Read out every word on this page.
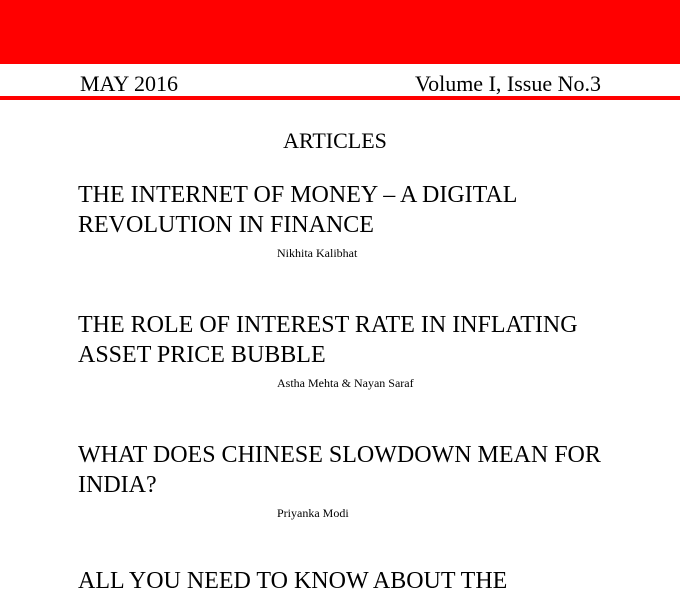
MAY 2016	Volume I, Issue No.3
ARTICLES
THE INTERNET OF MONEY – A DIGITAL REVOLUTION IN FINANCE
Nikhita Kalibhat
THE ROLE OF INTEREST RATE IN INFLATING ASSET PRICE BUBBLE
Astha Mehta & Nayan Saraf
WHAT DOES CHINESE SLOWDOWN MEAN FOR INDIA?
Priyanka Modi
ALL YOU NEED TO KNOW ABOUT THE
